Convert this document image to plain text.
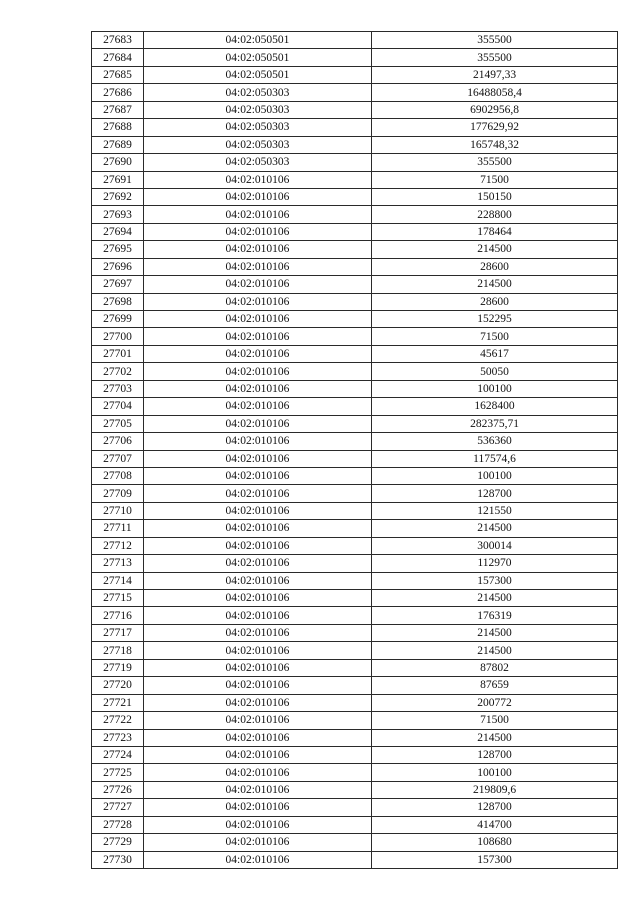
27683	04:02:050501	355500
27684	04:02:050501	355500
27685	04:02:050501	21497,33
27686	04:02:050303	16488058,4
27687	04:02:050303	6902956,8
27688	04:02:050303	177629,92
27689	04:02:050303	165748,32
27690	04:02:050303	355500
27691	04:02:010106	71500
27692	04:02:010106	150150
27693	04:02:010106	228800
27694	04:02:010106	178464
27695	04:02:010106	214500
27696	04:02:010106	28600
27697	04:02:010106	214500
27698	04:02:010106	28600
27699	04:02:010106	152295
27700	04:02:010106	71500
27701	04:02:010106	45617
27702	04:02:010106	50050
27703	04:02:010106	100100
27704	04:02:010106	1628400
27705	04:02:010106	282375,71
27706	04:02:010106	536360
27707	04:02:010106	117574,6
27708	04:02:010106	100100
27709	04:02:010106	128700
27710	04:02:010106	121550
27711	04:02:010106	214500
27712	04:02:010106	300014
27713	04:02:010106	112970
27714	04:02:010106	157300
27715	04:02:010106	214500
27716	04:02:010106	176319
27717	04:02:010106	214500
27718	04:02:010106	214500
27719	04:02:010106	87802
27720	04:02:010106	87659
27721	04:02:010106	200772
27722	04:02:010106	71500
27723	04:02:010106	214500
27724	04:02:010106	128700
27725	04:02:010106	100100
27726	04:02:010106	219809,6
27727	04:02:010106	128700
27728	04:02:010106	414700
27729	04:02:010106	108680
27730	04:02:010106	157300
